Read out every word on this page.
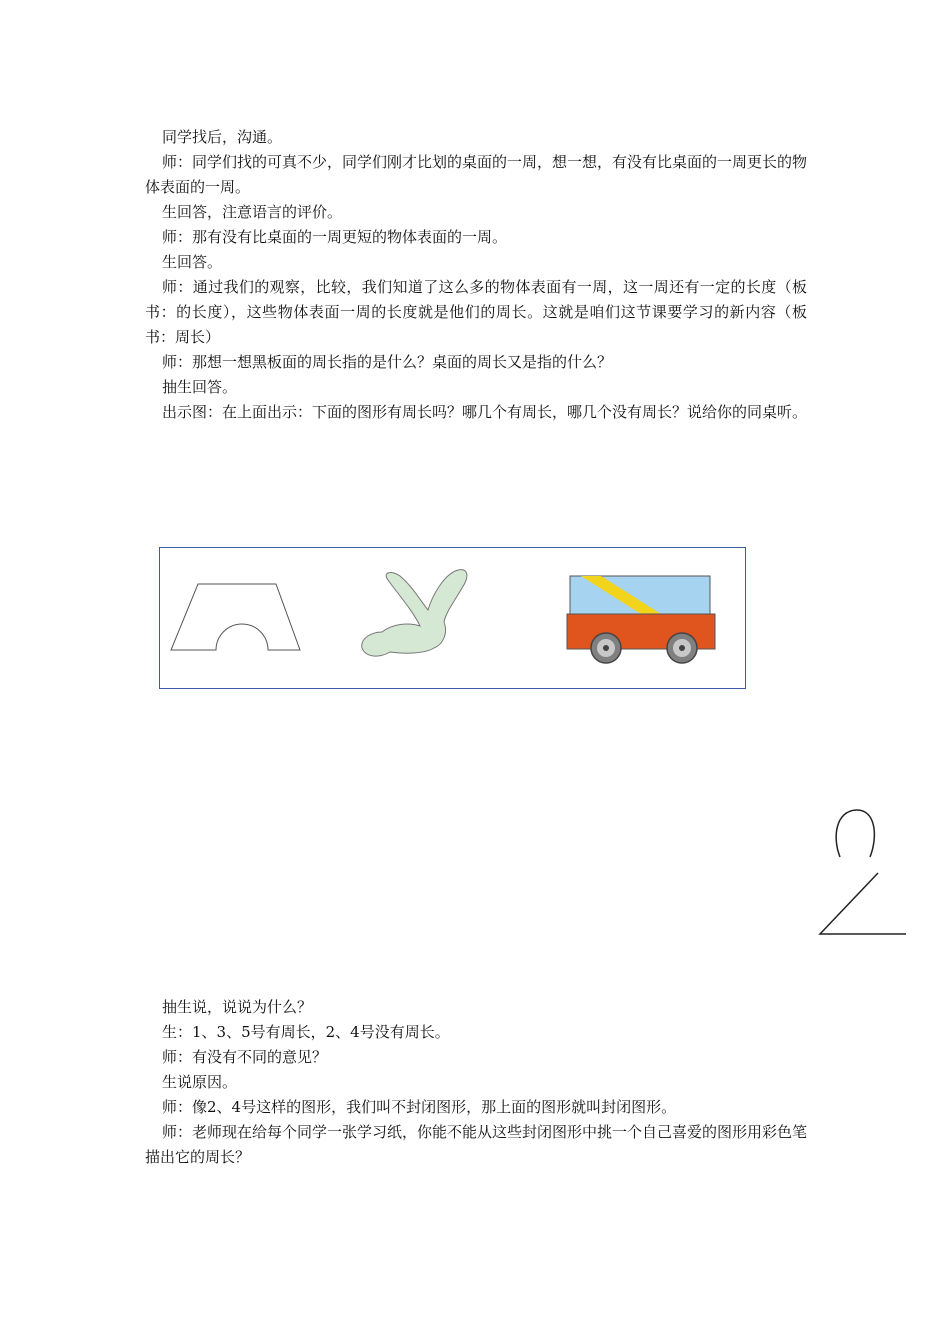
同学找后，沟通。

师：同学们找的可真不少，同学们刚才比划的桌面的一周，想一想，有没有比桌面的一周更长的物体表面的一周。

生回答，注意语言的评价。

师：那有没有比桌面的一周更短的物体表面的一周。

生回答。

师：通过我们的观察，比较，我们知道了这么多的物体表面有一周，这一周还有一定的长度（板书：的长度），这些物体表面一周的长度就是他们的周长。这就是咱们这节课要学习的新内容（板书：周长）

师：那想一想黑板面的周长指的是什么？桌面的周长又是指的什么？

抽生回答。

出示图：在上面出示：下面的图形有周长吗？哪几个有周长，哪几个没有周长？说给你的同桌听。

抽生说，说说为什么？

生：1、3、5号有周长，2、4号没有周长。

师：有没有不同的意见？

生说原因。

师：像2、4号这样的图形，我们叫不封闭图形，那上面的图形就叫封闭图形。

师：老师现在给每个同学一张学习纸，你能不能从这些封闭图形中挑一个自己喜爱的图形用彩色笔描出它的周长？
